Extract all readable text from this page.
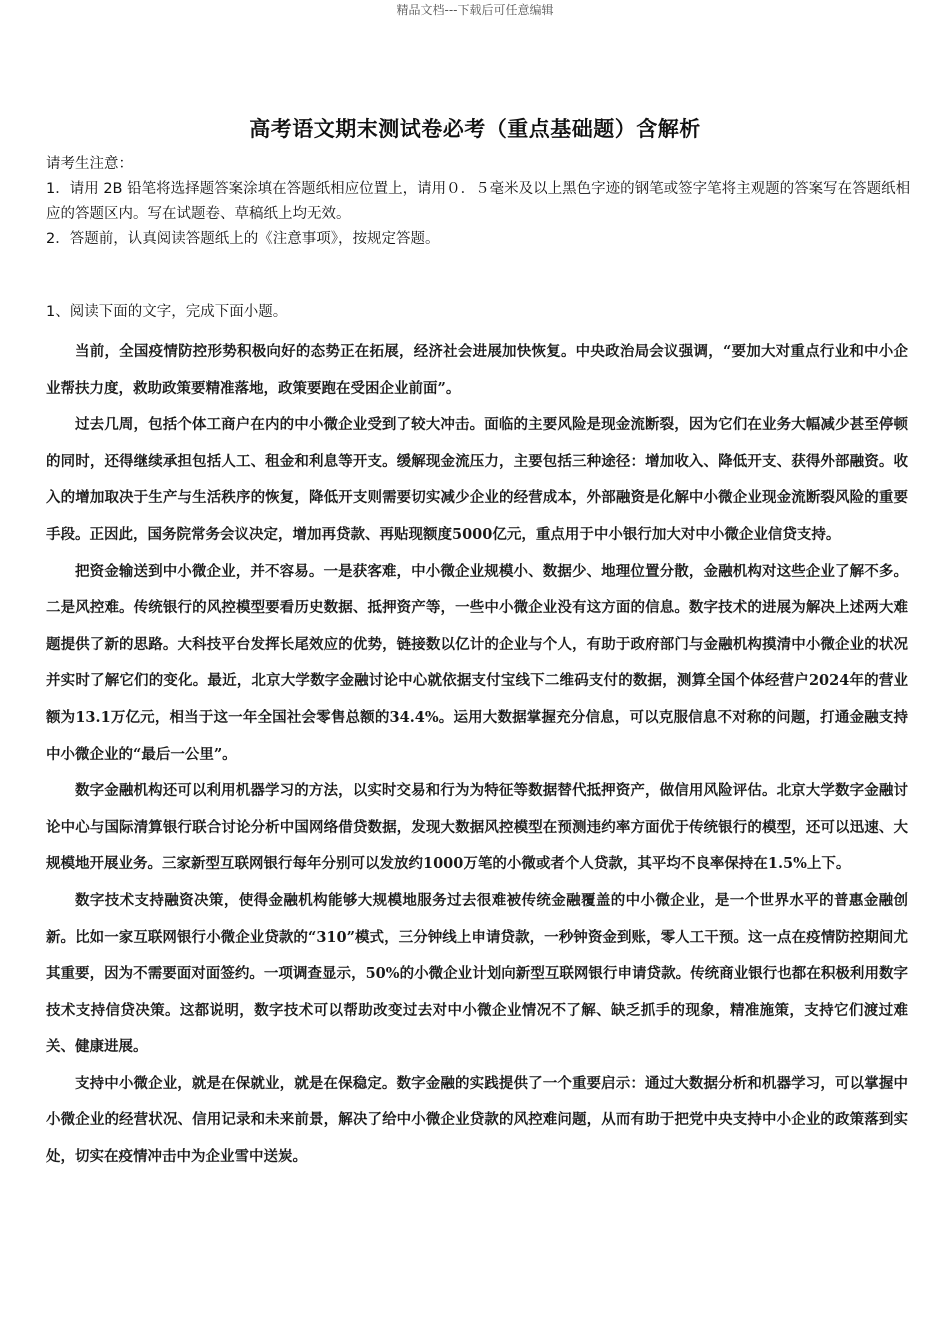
精品文档---下载后可任意编辑
高考语文期末测试卷必考（重点基础题）含解析

请考生注意：

1．请用 2B 铅笔将选择题答案涂填在答题纸相应位置上，请用０．５毫米及以上黑色字迹的钢笔或签字笔将主观题的答案写在答题纸相应的答题区内。写在试题卷、草稿纸上均无效。

2．答题前，认真阅读答题纸上的《注意事项》，按规定答题。

1、阅读下面的文字，完成下面小题。

当前，全国疫情防控形势积极向好的态势正在拓展，经济社会进展加快恢复。中央政治局会议强调，“要加大对重点行业和中小企业帮扶力度，救助政策要精准落地，政策要跑在受困企业前面”。

过去几周，包括个体工商户在内的中小微企业受到了较大冲击。面临的主要风险是现金流断裂，因为它们在业务大幅减少甚至停顿的同时，还得继续承担包括人工、租金和利息等开支。缓解现金流压力，主要包括三种途径：增加收入、降低开支、获得外部融资。收入的增加取决于生产与生活秩序的恢复，降低开支则需要切实减少企业的经营成本，外部融资是化解中小微企业现金流断裂风险的重要手段。正因此，国务院常务会议决定，增加再贷款、再贴现额度5000亿元，重点用于中小银行加大对中小微企业信贷支持。

把资金输送到中小微企业，并不容易。一是获客难，中小微企业规模小、数据少、地理位置分散，金融机构对这些企业了解不多。二是风控难。传统银行的风控模型要看历史数据、抵押资产等，一些中小微企业没有这方面的信息。数字技术的进展为解决上述两大难题提供了新的思路。大科技平台发挥长尾效应的优势，链接数以亿计的企业与个人，有助于政府部门与金融机构摸清中小微企业的状况并实时了解它们的变化。最近，北京大学数字金融讨论中心就依据支付宝线下二维码支付的数据，测算全国个体经营户2024年的营业额为13.1万亿元，相当于这一年全国社会零售总额的34.4%。运用大数据掌握充分信息，可以克服信息不对称的问题，打通金融支持中小微企业的“最后一公里”。

数字金融机构还可以利用机器学习的方法，以实时交易和行为为特征等数据替代抵押资产，做信用风险评估。北京大学数字金融讨论中心与国际清算银行联合讨论分析中国网络借贷数据，发现大数据风控模型在预测违约率方面优于传统银行的模型，还可以迅速、大规模地开展业务。三家新型互联网银行每年分别可以发放约1000万笔的小微或者个人贷款，其平均不良率保持在1.5%上下。

数字技术支持融资决策，使得金融机构能够大规模地服务过去很难被传统金融覆盖的中小微企业，是一个世界水平的普惠金融创新。比如一家互联网银行小微企业贷款的“310”模式，三分钟线上申请贷款，一秒钟资金到账，零人工干预。这一点在疫情防控期间尤其重要，因为不需要面对面签约。一项调查显示，50%的小微企业计划向新型互联网银行申请贷款。传统商业银行也都在积极利用数字技术支持信贷决策。这都说明，数字技术可以帮助改变过去对中小微企业情况不了解、缺乏抓手的现象，精准施策，支持它们渡过难关、健康进展。

支持中小微企业，就是在保就业，就是在保稳定。数字金融的实践提供了一个重要启示：通过大数据分析和机器学习，可以掌握中小微企业的经营状况、信用记录和未来前景，解决了给中小微企业贷款的风控难问题，从而有助于把党中央支持中小企业的政策落到实处，切实在疫情冲击中为企业雪中送炭。
